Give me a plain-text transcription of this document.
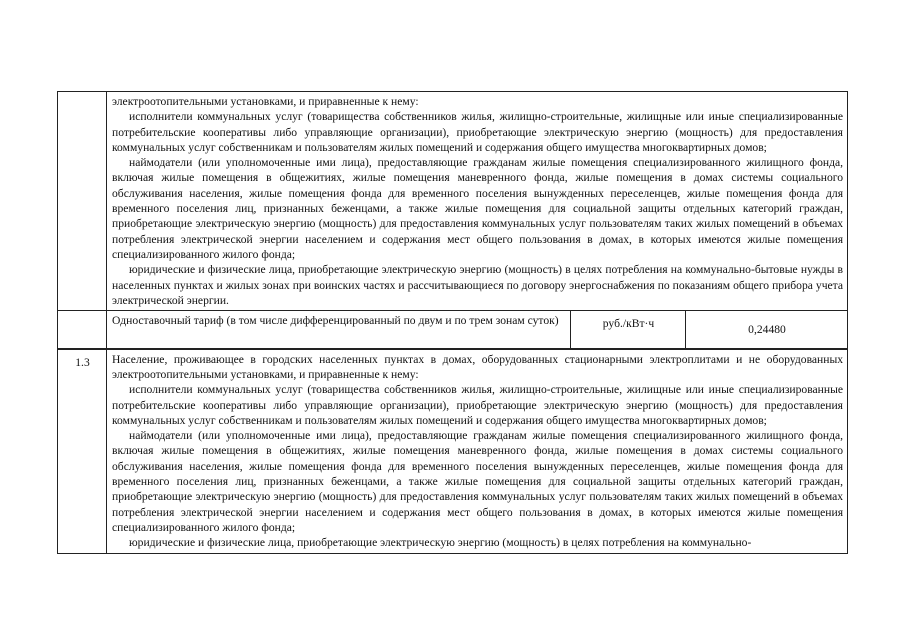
	электроотопительными установками, и приравненные к нему:

исполнители коммунальных услуг (товарищества собственников жилья, жилищно-строительные, жилищные или иные специализированные потребительские кооперативы либо управляющие организации), приобретающие электрическую энергию (мощность) для предоставления коммунальных услуг собственникам и пользователям жилых помещений и содержания общего имущества многоквартирных домов;

наймодатели (или уполномоченные ими лица), предоставляющие гражданам жилые помещения специализированного жилищного фонда, включая жилые помещения в общежитиях, жилые помещения маневренного фонда, жилые помещения в домах системы социального обслуживания населения, жилые помещения фонда для временного поселения вынужденных переселенцев, жилые помещения фонда для временного поселения лиц, признанных беженцами, а также жилые помещения для социальной защиты отдельных категорий граждан, приобретающие электрическую энергию (мощность) для предоставления коммунальных услуг пользователям таких жилых помещений в объемах потребления электрической энергии населением и содержания мест общего пользования в домах, в которых имеются жилые помещения специализированного жилого фонда;

юридические и физические лица, приобретающие электрическую энергию (мощность) в целях потребления на коммунально-бытовые нужды в населенных пунктах и жилых зонах при воинских частях и рассчитывающиеся по договору энергоснабжения по показаниям общего прибора учета электрической энергии.		

	Одноставочный тариф (в том числе дифференцированный по двум и по трем зонам суток)	руб./кВт·ч	0,24480
1.3	Население, проживающее в городских населенных пунктах в домах, оборудованных стационарными электроплитами и не оборудованных электроотопительными установками, и приравненные к нему:

исполнители коммунальных услуг (товарищества собственников жилья, жилищно-строительные, жилищные или иные специализированные потребительские кооперативы либо управляющие организации), приобретающие электрическую энергию (мощность) для предоставления коммунальных услуг собственникам и пользователям жилых помещений и содержания общего имущества многоквартирных домов;

наймодатели (или уполномоченные ими лица), предоставляющие гражданам жилые помещения специализированного жилищного фонда, включая жилые помещения в общежитиях, жилые помещения маневренного фонда, жилые помещения в домах системы социального обслуживания населения, жилые помещения фонда для временного поселения вынужденных переселенцев, жилые помещения фонда для временного поселения лиц, признанных беженцами, а также жилые помещения для социальной защиты отдельных категорий граждан, приобретающие электрическую энергию (мощность) для предоставления коммунальных услуг пользователям таких жилых помещений в объемах потребления электрической энергии населением и содержания мест общего пользования в домах, в которых имеются жилые помещения специализированного жилого фонда;

юридические и физические лица, приобретающие электрическую энергию (мощность) в целях потребления на коммунально-		
